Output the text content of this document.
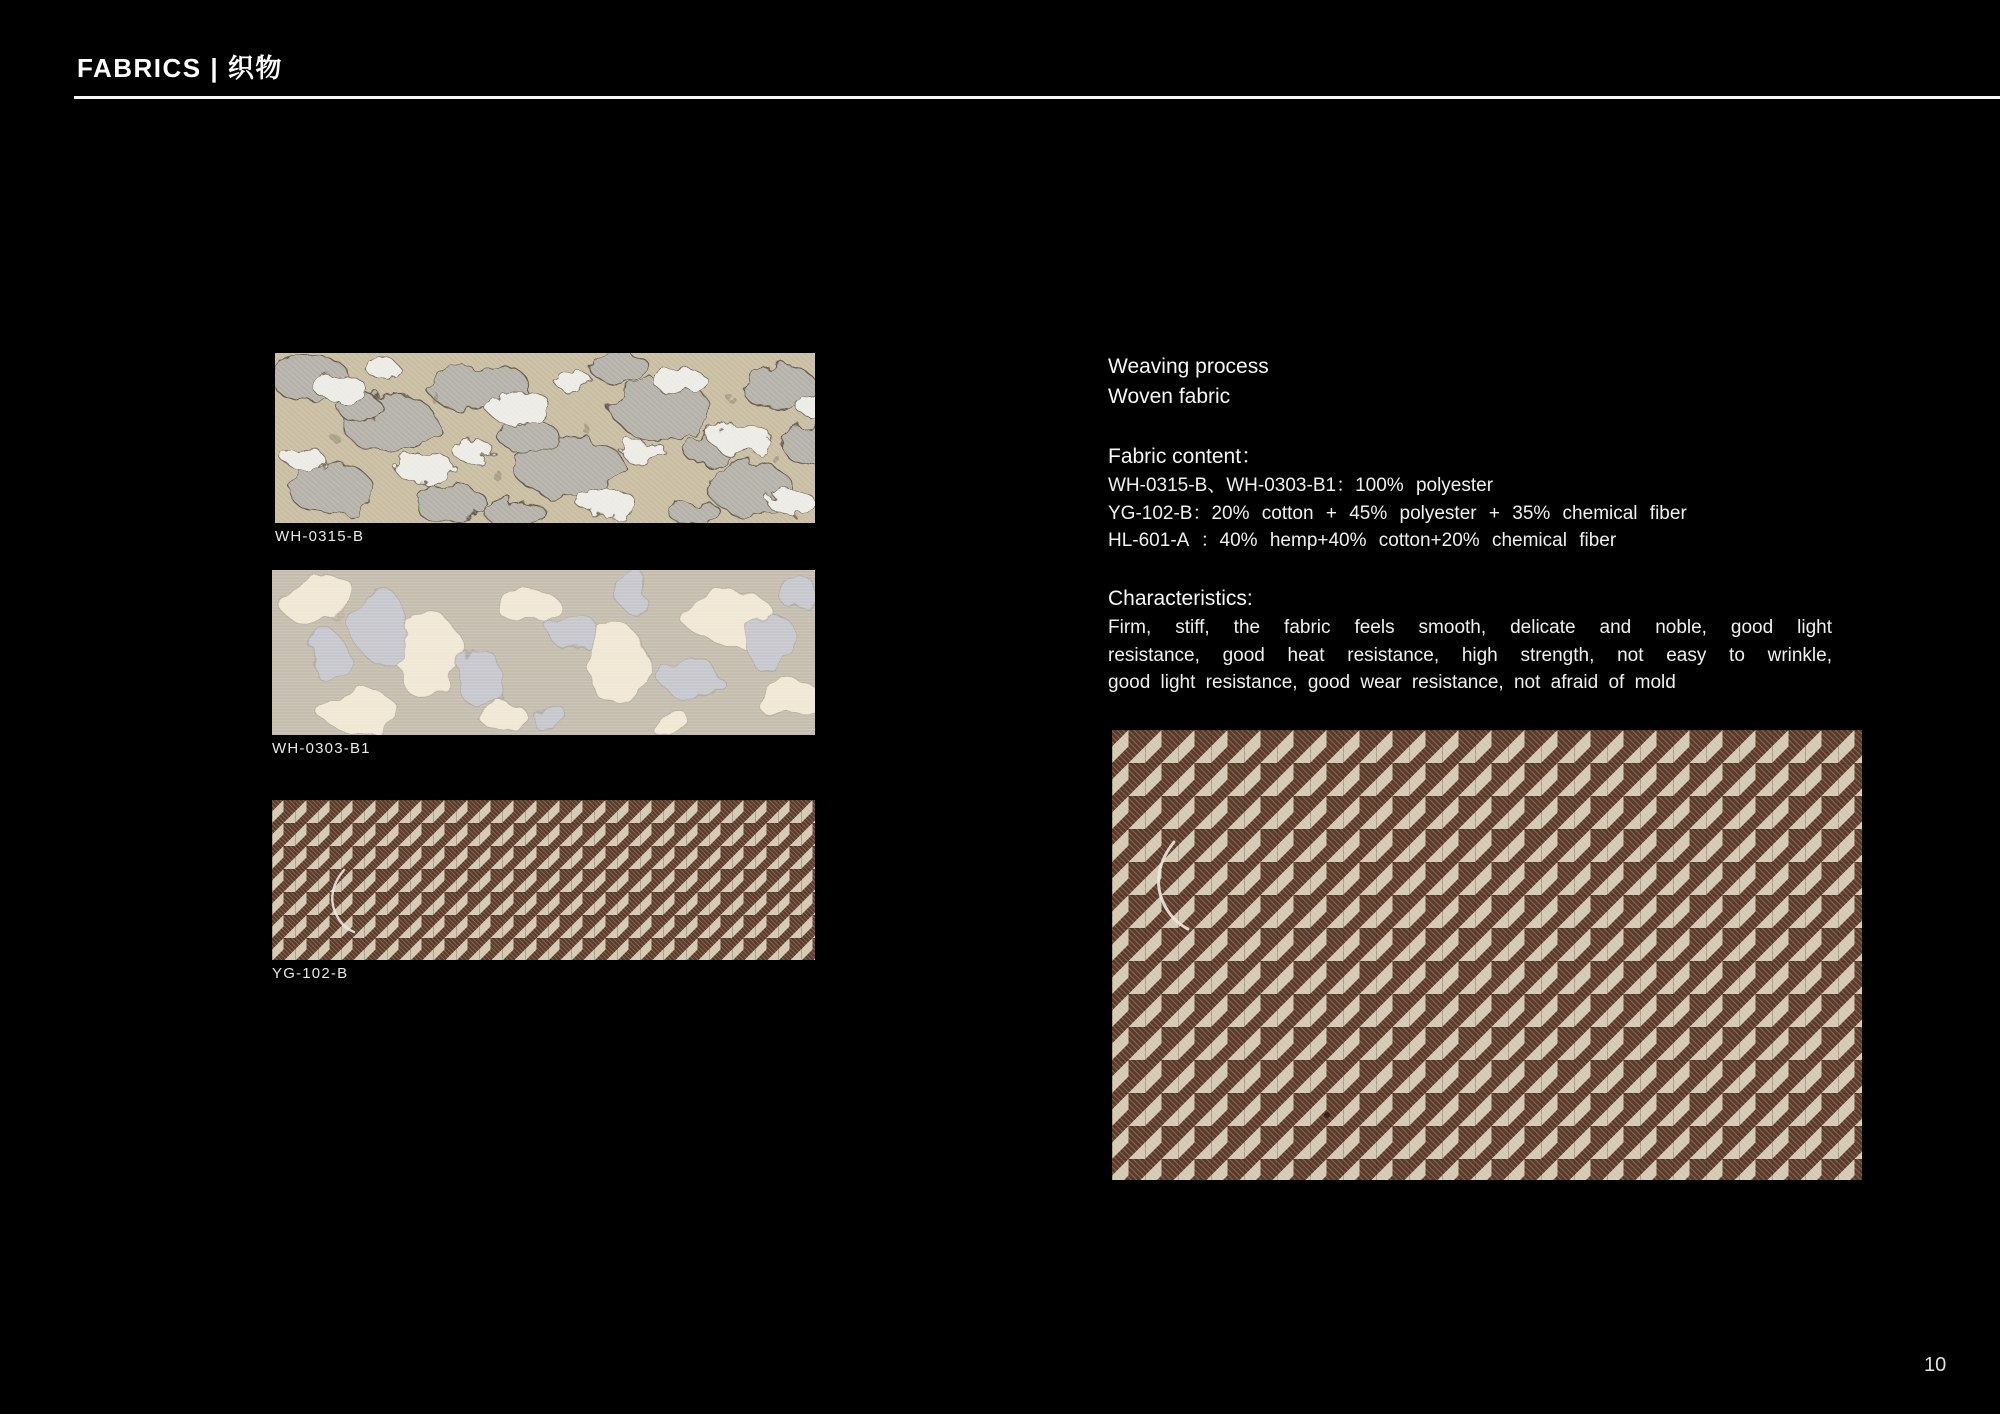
FABRICS | 织物
WH-0315-B
WH-0303-B1
YG-102-B
Weaving process
Woven fabric
Fabric content：
WH-0315-B、WH-0303-B1：100% polyester
YG-102-B：20% cotton + 45% polyester + 35% chemical fiber
HL-601-A ：40% hemp+40% cotton+20% chemical fiber
Characteristics:
Firm, stiff, the fabric feels smooth, delicate and noble, good light
resistance, good heat resistance, high strength, not easy to wrinkle,
good light resistance, good wear resistance, not afraid of mold
10
